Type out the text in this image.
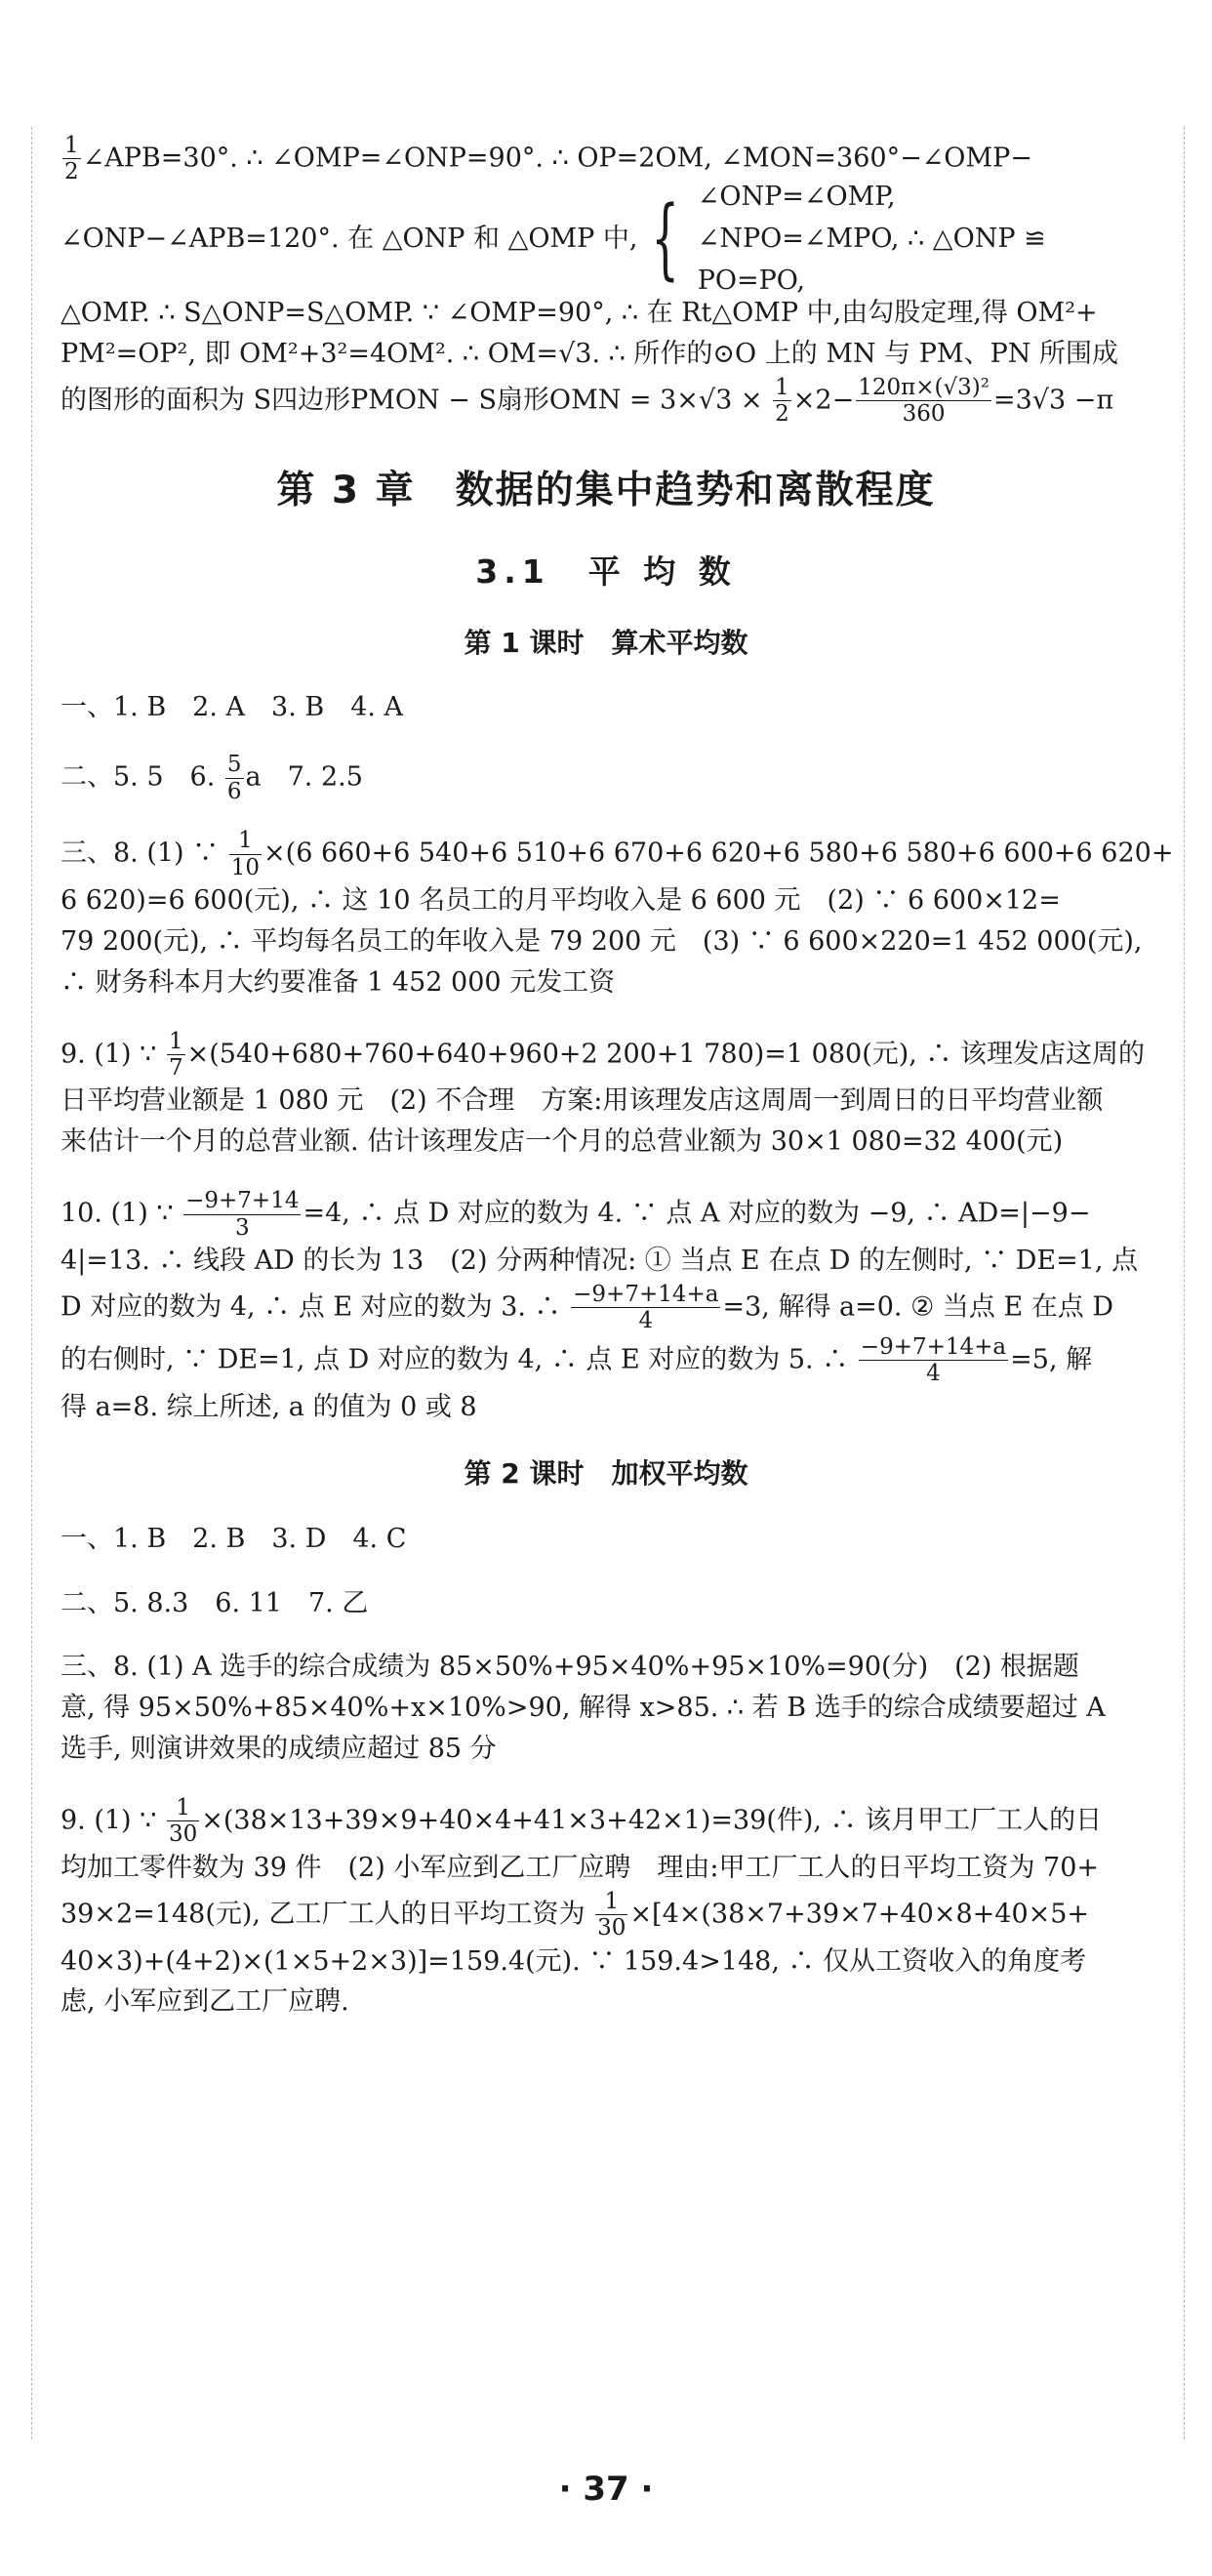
$\frac{1}{2}$ ∠APB=30°. ∴ ∠OMP=∠ONP=90°. ∴ OP=2OM, ∠MON=360°−∠OMP−
∠ONP−∠APB=120°. 在 △ONP 和 △OMP 中, { ∠ONP=∠OMP,
∠NPO=∠MPO, ∴ △ONP ≌
PO=PO,
△OMP. ∴ S△ONP=S△OMP. ∵ ∠OMP=90°, ∴ 在 Rt△OMP 中,由勾股定理,得 OM²+
PM²=OP², 即 OM²+3²=4OM². ∴ OM=√3. ∴ 所作的⊙O 上的 MN 与 PM、PN 所围成
的图形的面积为 S四边形PMON − S扇形OMN = $3\times√3 \times \frac{1}{2} \times 2- \frac{\text{120π×(√3)²}}{360} =3√3 -\pi$
第 3 章　数据的集中趋势和离散程度
3.1　平 均 数
第 1 课时　算术平均数
一、1. B　2. A　3. B　4. A
二、5. 5　6. $\frac{5}{6}$ a　7. 2.5
三、8. (1) ∵ $\frac{1}{10} \times(6$ 660+6 540+6 510+6 670+6 620+6 580+6 580+6 600+6 620+
6 620)=6 600(元), ∴ 这 10 名员工的月平均收入是 6 600 元　(2) ∵ 6 600×12=
79 200(元), ∴ 平均每名员工的年收入是 79 200 元　(3) ∵ 6 600×220=1 452 000(元),
∴ 财务科本月大约要准备 1 452 000 元发工资
9. (1) ∵ $\frac{1}{7} \times(540+680+760+640+960+2$ 200+1 780)=1 080(元), ∴ 该理发店这周的
日平均营业额是 1 080 元　(2) 不合理　方案:用该理发店这周周一到周日的日平均营业额
来估计一个月的总营业额. 估计该理发店一个月的总营业额为 30×1 080=32 400(元)
10. (1) ∵ $\frac{-9+7+14}{3} =4$, ∴ 点 D 对应的数为 4. ∵ 点 A 对应的数为 −9, ∴ AD=|−9−
4|=13. ∴ 线段 AD 的长为 13　(2) 分两种情况: ① 当点 E 在点 D 的左侧时, ∵ DE=1, 点
D 对应的数为 4, ∴ 点 E 对应的数为 3. ∴ $\frac{-9+7+14+a}{4} =3$, 解得 a=0. ② 当点 E 在点 D
的右侧时, ∵ DE=1, 点 D 对应的数为 4, ∴ 点 E 对应的数为 5. ∴ $\frac{-9+7+14+a}{4} =5$, 解
得 a=8. 综上所述, a 的值为 0 或 8
第 2 课时　加权平均数
一、1. B　2. B　3. D　4. C
二、5. 8.3　6. 11　7. 乙
三、8. (1) A 选手的综合成绩为 85×50%+95×40%+95×10%=90(分)　(2) 根据题
意, 得 95×50%+85×40%+x×10%>90, 解得 x>85. ∴ 若 B 选手的综合成绩要超过 A
选手, 则演讲效果的成绩应超过 85 分
9. (1) ∵ $\frac{1}{30} \times(38\times 13+39\times 9+40\times 4+41\times 3+42\times 1)=39$(件), ∴ 该月甲工厂工人的日
均加工零件数为 39 件　(2) 小军应到乙工厂应聘　理由:甲工厂工人的日平均工资为 70+
39×2=148(元), 乙工厂工人的日平均工资为 $\frac{1}{30} \times[4\times(38\times 7+39\times 7+40\times 8+40\times 5+$
40×3)+(4+2)×(1×5+2×3)]=159.4(元). ∵ 159.4>148, ∴ 仅从工资收入的角度考
虑, 小军应到乙工厂应聘.
· 37 ·
